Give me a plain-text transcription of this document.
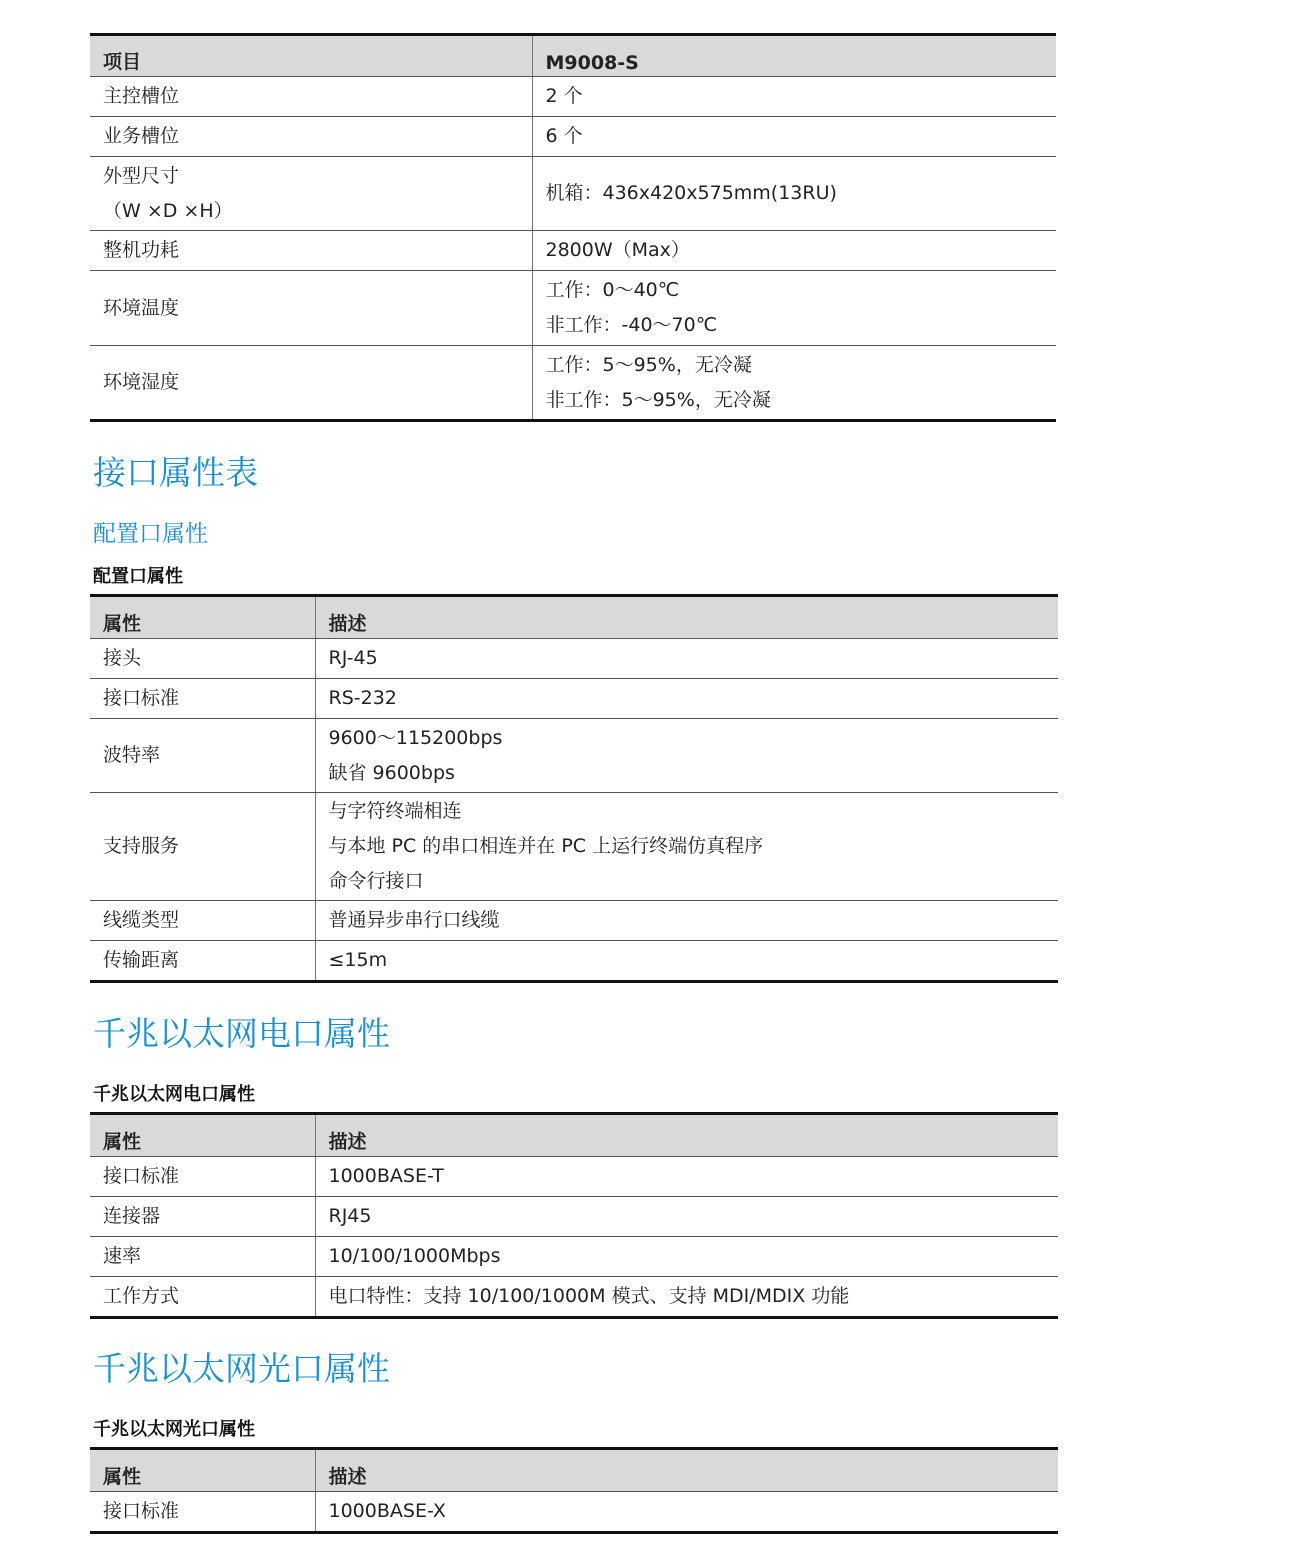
项目	M9008-S

主控槽位	2 个

业务槽位	6 个

外型尺寸
（W ×D ×H）	机箱：436x420x575mm(13RU)

整机功耗	2800W（Max）

环境温度	工作：0～40℃
非工作：-40～70℃

环境湿度	工作：5～95%，无冷凝
非工作：5～95%，无冷凝
接口属性表
配置口属性

配置口属性

属性	描述

接头	RJ-45

接口标准	RS-232

波特率	9600～115200bps
缺省 9600bps

支持服务	与字符终端相连
与本地 PC 的串口相连并在 PC 上运行终端仿真程序
命令行接口

线缆类型	普通异步串行口线缆

传输距离	≤15m
千兆以太网电口属性

千兆以太网电口属性

属性	描述

接口标准	1000BASE-T

连接器	RJ45

速率	10/100/1000Mbps

工作方式	电口特性：支持 10/100/1000M 模式、支持 MDI/MDIX 功能
千兆以太网光口属性

千兆以太网光口属性

属性	描述

接口标准	1000BASE-X
